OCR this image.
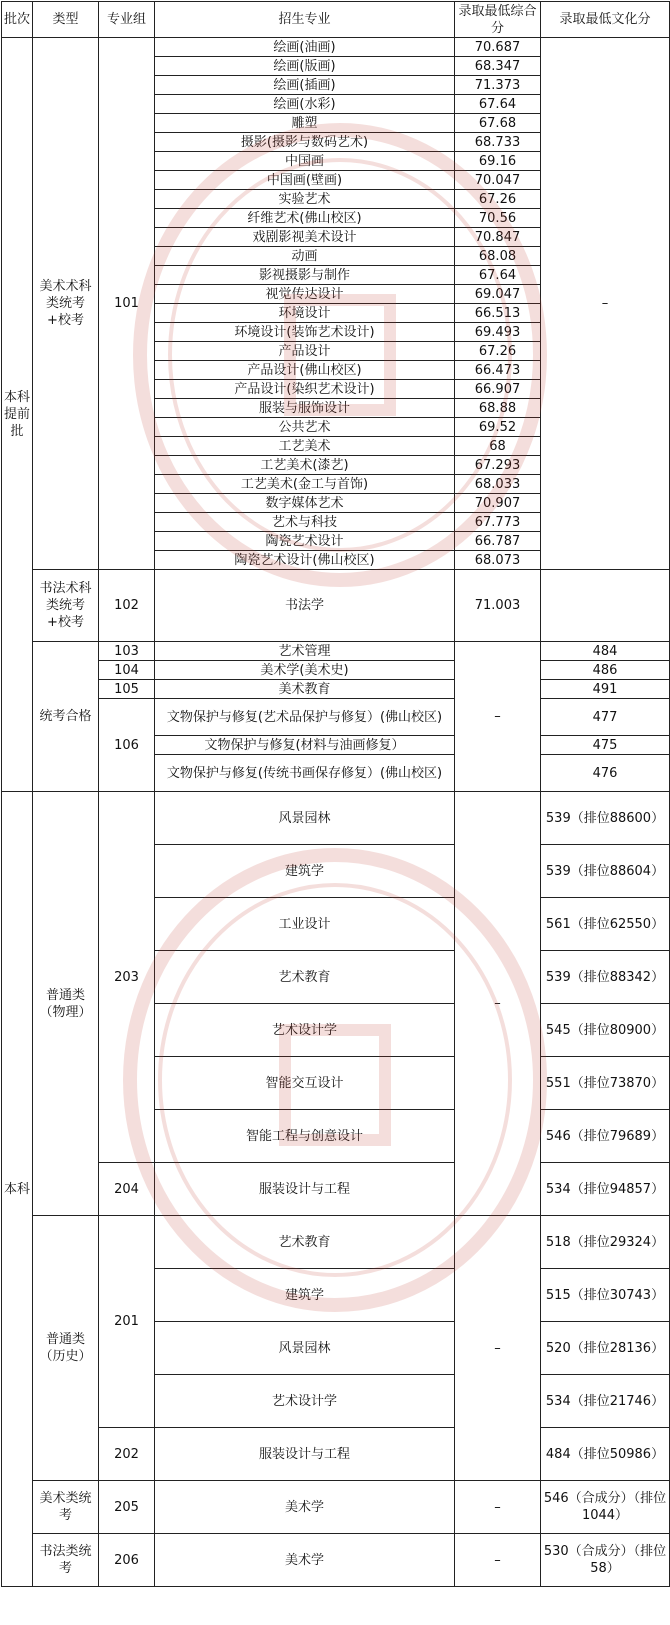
批次	类型	专业组	招生专业	录取最低综合分	录取最低文化分
本科提前批	美术术科类统考+校考	101	绘画(油画)	70.687	–
			绘画(版画)	68.347	
			绘画(插画)	71.373	
			绘画(水彩)	67.64	
			雕塑	67.68	
			摄影(摄影与数码艺术)	68.733	
			中国画	69.16	
			中国画(壁画)	70.047	
			实验艺术	67.26	
			纤维艺术(佛山校区)	70.56	
			戏剧影视美术设计	70.847	
			动画	68.08	
			影视摄影与制作	67.64	
			视觉传达设计	69.047	
			环境设计	66.513	
			环境设计(装饰艺术设计)	69.493	
			产品设计	67.26	
			产品设计(佛山校区)	66.473	
			产品设计(染织艺术设计)	66.907	
			服装与服饰设计	68.88	
			公共艺术	69.52	
			工艺美术	68	
			工艺美术(漆艺)	67.293	
			工艺美术(金工与首饰)	68.033	
			数字媒体艺术	70.907	
			艺术与科技	67.773	
			陶瓷艺术设计	66.787	
			陶瓷艺术设计(佛山校区)	68.073	
	书法术科类统考+校考	102	书法学	71.003	
	统考合格	103	艺术管理	–	484
		104	美术学(美术史)		486
		105	美术教育		491
		106	文物保护与修复(艺术品保护与修复）(佛山校区)		477
			文物保护与修复(材料与油画修复）		475
			文物保护与修复(传统书画保存修复）(佛山校区)		476
本科	普通类（物理）	203	风景园林	–	539（排位88600）
			建筑学		539（排位88604）
			工业设计		561（排位62550）
			艺术教育		539（排位88342）
			艺术设计学		545（排位80900）
			智能交互设计		551（排位73870）
			智能工程与创意设计		546（排位79689）
		204	服装设计与工程		534（排位94857）
	普通类（历史）	201	艺术教育	–	518（排位29324）
			建筑学		515（排位30743）
			风景园林		520（排位28136）
			艺术设计学		534（排位21746）
		202	服装设计与工程		484（排位50986）
	美术类统考	205	美术学	–	546（合成分）（排位1044）
	书法类统考	206	美术学	–	530（合成分）（排位58）
